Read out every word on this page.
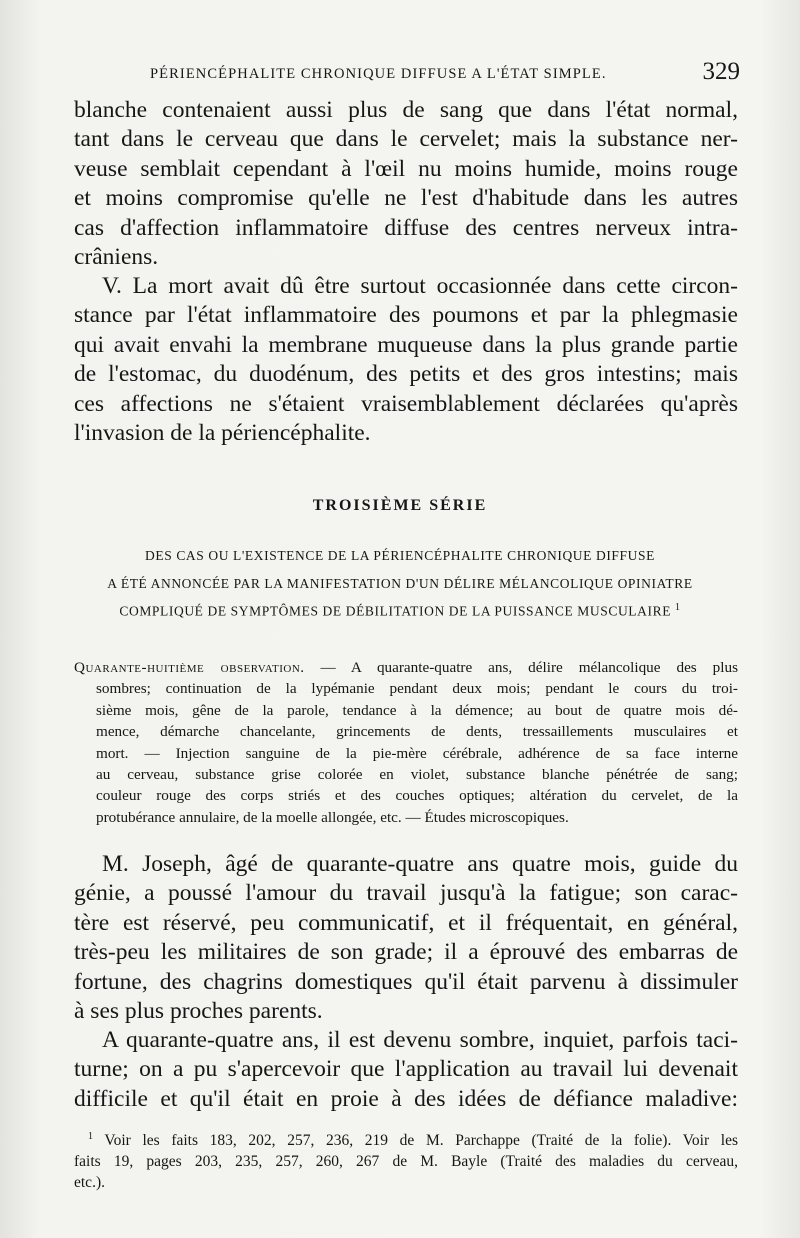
PÉRIENCÉPHALITE CHRONIQUE DIFFUSE A L'ÉTAT SIMPLE.	329

blanche contenaient aussi plus de sang que dans l'état normal,
tant dans le cerveau que dans le cervelet; mais la substance ner-
veuse semblait cependant à l'œil nu moins humide, moins rouge
et moins compromise qu'elle ne l'est d'habitude dans les autres
cas d'affection inflammatoire diffuse des centres nerveux intra-
crâniens.

V. La mort avait dû être surtout occasionnée dans cette circon-
stance par l'état inflammatoire des poumons et par la phlegmasie
qui avait envahi la membrane muqueuse dans la plus grande partie
de l'estomac, du duodénum, des petits et des gros intestins; mais
ces affections ne s'étaient vraisemblablement déclarées qu'après
l'invasion de la périencéphalite.

TROISIÈME SÉRIE
DES CAS OU L'EXISTENCE DE LA PÉRIENCÉPHALITE CHRONIQUE DIFFUSE
A ÉTÉ ANNONCÉE PAR LA MANIFESTATION D'UN DÉLIRE MÉLANCOLIQUE OPINIATRE
COMPLIQUÉ DE SYMPTÔMES DE DÉBILITATION DE LA PUISSANCE MUSCULAIRE $^1$
Quarante-huitième observation. — A quarante-quatre ans, délire mélancolique des plus
sombres; continuation de la lypémanie pendant deux mois; pendant le cours du troi-
sième mois, gêne de la parole, tendance à la démence; au bout de quatre mois dé-
mence, démarche chancelante, grincements de dents, tressaillements musculaires et
mort. — Injection sanguine de la pie-mère cérébrale, adhérence de sa face interne
au cerveau, substance grise colorée en violet, substance blanche pénétrée de sang;
couleur rouge des corps striés et des couches optiques; altération du cervelet, de la
protubérance annulaire, de la moelle allongée, etc. — Études microscopiques.

M. Joseph, âgé de quarante-quatre ans quatre mois, guide du
génie, a poussé l'amour du travail jusqu'à la fatigue; son carac-
tère est réservé, peu communicatif, et il fréquentait, en général,
très-peu les militaires de son grade; il a éprouvé des embarras de
fortune, des chagrins domestiques qu'il était parvenu à dissimuler
à ses plus proches parents.

A quarante-quatre ans, il est devenu sombre, inquiet, parfois taci-
turne; on a pu s'apercevoir que l'application au travail lui devenait
difficile et qu'il était en proie à des idées de défiance maladive:

$^1$ Voir les faits 183, 202, 257, 236, 219 de M. Parchappe (Traité de la folie). Voir les
faits 19, pages 203, 235, 257, 260, 267 de M. Bayle (Traité des maladies du cerveau,
etc.).
